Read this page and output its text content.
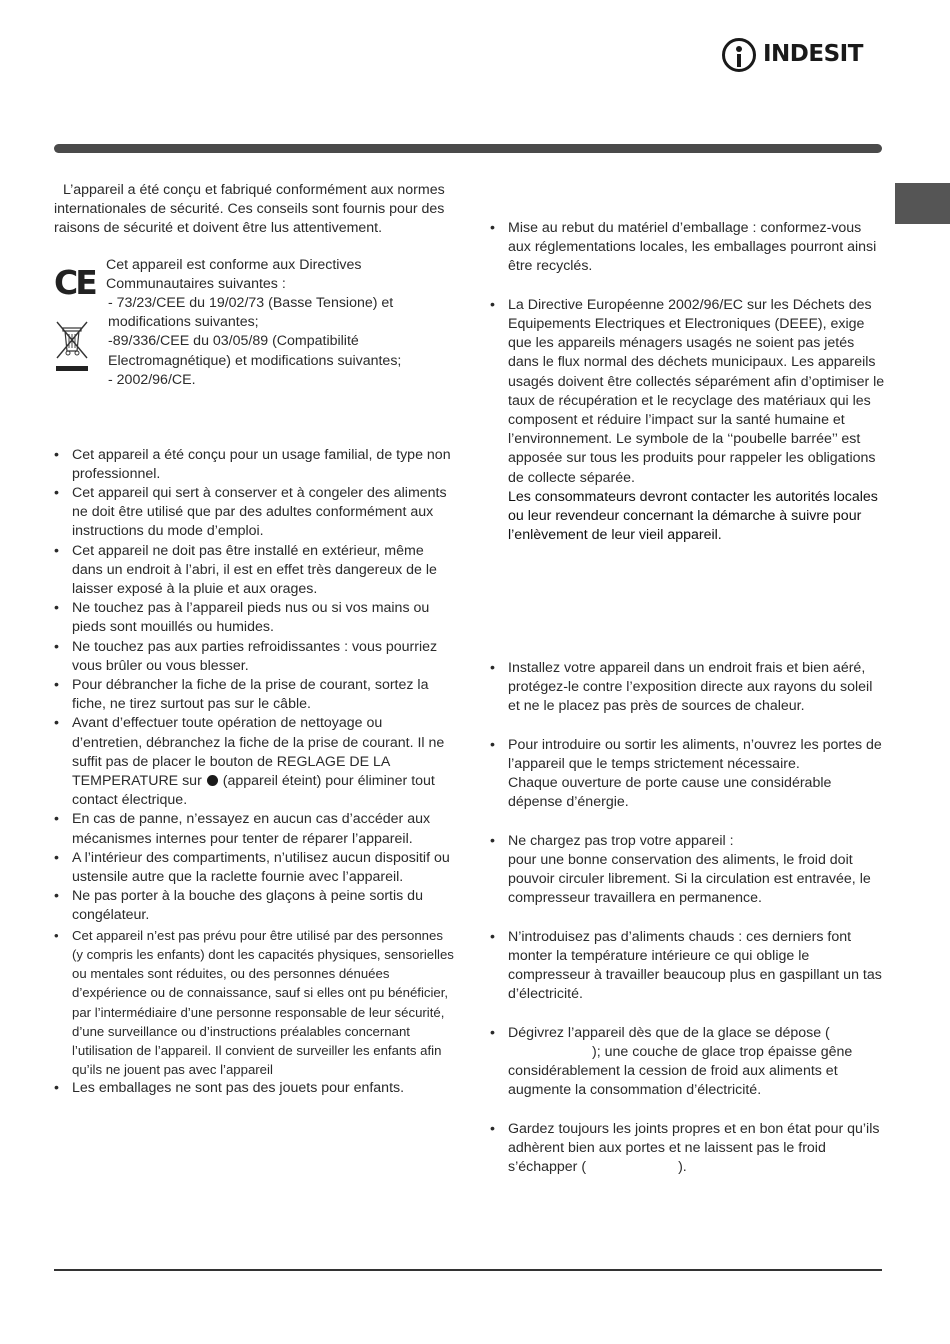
INDESIT

L’appareil a été conçu et fabriqué conformément aux normes internationales de sécurité. Ces conseils sont fournis pour des raisons de sécurité et doivent être lus attentivement.

CE Cet appareil est conforme aux Directives
Communautaires suivantes :
- 73/23/CEE du 19/02/73 (Basse Tensione) et
modifications suivantes;
-89/336/CEE du 03/05/89 (Compatibilité
Electromagnétique) et modifications suivantes;
- 2002/96/CE.
• Cet appareil a été conçu pour un usage familial, de type non professionnel.
• Cet appareil qui sert à conserver et à congeler des aliments ne doit être utilisé que par des adultes conformément aux instructions du mode d’emploi.
• Cet appareil ne doit pas être installé en extérieur, même dans un endroit à l’abri, il est en effet très dangereux de le laisser exposé à la pluie et aux orages.
• Ne touchez pas à l’appareil pieds nus ou si vos mains ou pieds sont mouillés ou humides.
• Ne touchez pas aux parties refroidissantes : vous pourriez vous brûler ou vous blesser.
• Pour débrancher la fiche de la prise de courant, sortez la fiche, ne tirez surtout pas sur le câble.
• Avant d’effectuer toute opération de nettoyage ou d’entretien, débranchez la fiche de la prise de courant. Il ne suffit pas de placer le bouton de REGLAGE DE LA TEMPERATURE sur (appareil éteint) pour éliminer tout contact électrique.
• En cas de panne, n’essayez en aucun cas d’accéder aux mécanismes internes pour tenter de réparer l’appareil.
• A l’intérieur des compartiments, n’utilisez aucun dispositif ou ustensile autre que la raclette fournie avec l’appareil.
• Ne pas porter à la bouche des glaçons à peine sortis du congélateur.
• Cet appareil n’est pas prévu pour être utilisé par des personnes (y compris les enfants) dont les capacités physiques, sensorielles ou mentales sont réduites, ou des personnes dénuées d’expérience ou de connaissance, sauf si elles ont pu bénéficier, par l’intermédiaire d’une personne responsable de leur sécurité, d’une surveillance ou d’instructions préalables concernant l’utilisation de l’appareil. Il convient de surveiller les enfants afin qu’ils ne jouent pas avec l’appareil
• Les emballages ne sont pas des jouets pour enfants.
• Mise au rebut du matériel d’emballage : conformez-vous aux réglementations locales, les emballages pourront ainsi être recyclés.
• La Directive Européenne 2002/96/EC sur les Déchets des Equipements Electriques et Electroniques (DEEE), exige que les appareils ménagers usagés ne soient pas jetés dans le flux normal des déchets municipaux. Les appareils usagés doivent être collectés séparément afin d’optimiser le taux de récupération et le recyclage des matériaux qui les composent et réduire l’impact sur la santé humaine et l’environnement. Le symbole de la ‘‘poubelle barrée’’ est apposée sur tous les produits pour rappeler les obligations de collecte séparée.
Les consommateurs devront contacter les autorités locales ou leur revendeur concernant la démarche à suivre pour l’enlèvement de leur vieil appareil.
• Installez votre appareil dans un endroit frais et bien aéré, protégez-le contre l’exposition directe aux rayons du soleil et ne le placez pas près de sources de chaleur.
• Pour introduire ou sortir les aliments, n’ouvrez les portes de l’appareil que le temps strictement nécessaire.
Chaque ouverture de porte cause une considérable dépense d’énergie.
• Ne chargez pas trop votre appareil :
pour une bonne conservation des aliments, le froid doit pouvoir circuler librement. Si la circulation est entravée, le compresseur travaillera en permanence.
• N’introduisez pas d’aliments chauds : ces derniers font monter la température intérieure ce qui oblige le compresseur à travailler beaucoup plus en gaspillant un tas d’électricité.
• Dégivrez l’appareil dès que de la glace se dépose (); une couche de glace trop épaisse gêne considérablement la cession de froid aux aliments et augmente la consommation d’électricité.
• Gardez toujours les joints propres et en bon état pour qu’ils adhèrent bien aux portes et ne laissent pas le froid s’échapper (	).
